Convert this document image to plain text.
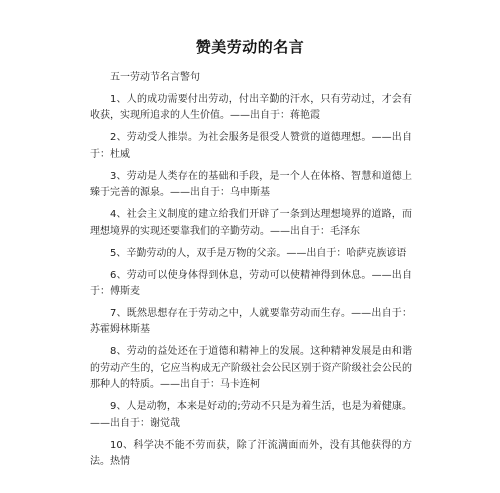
赞美劳动的名言

五一劳动节名言警句

1、人的成功需要付出劳动，付出辛勤的汗水，只有劳动过，才会有收获，实现所追求的人生价值。——出自于：蒋艳霞

2、劳动受人推崇。为社会服务是很受人赞赏的道德理想。——出自于：杜威

3、劳动是人类存在的基础和手段，是一个人在体格、智慧和道德上臻于完善的源泉。——出自于：乌申斯基

4、社会主义制度的建立给我们开辟了一条到达理想境界的道路，而理想境界的实现还要靠我们的辛勤劳动。——出自于：毛泽东

5、辛勤劳动的人，双手是万物的父亲。——出自于：哈萨克族谚语

6、劳动可以使身体得到休息，劳动可以使精神得到休息。——出自于：傅斯麦

7、既然思想存在于劳动之中，人就要靠劳动而生存。——出自于：苏霍姆林斯基

8、劳动的益处还在于道德和精神上的发展。这种精神发展是由和谐的劳动产生的，它应当构成无产阶级社会公民区别于资产阶级社会公民的那种人的特质。——出自于：马卡连柯

9、人是动物，本来是好动的;劳动不只是为着生活，也是为着健康。——出自于：谢觉哉

10、科学决不能不劳而获，除了汗流满面而外，没有其他获得的方法。热情
